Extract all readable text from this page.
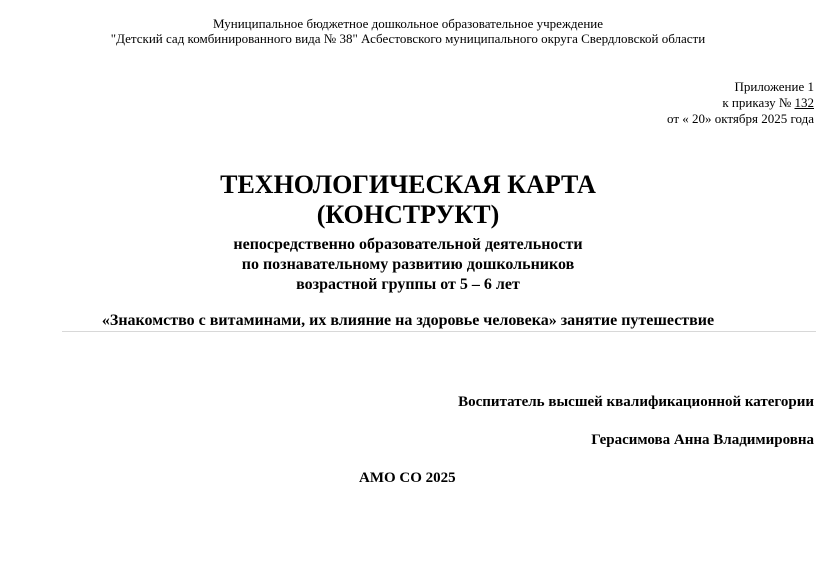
Муниципальное бюджетное дошкольное образовательное учреждение
"Детский сад комбинированного вида № 38" Асбестовского муниципального округа Свердловской области
Приложение 1
к приказу № 132
от « 20» октября 2025 года
ТЕХНОЛОГИЧЕСКАЯ КАРТА
(КОНСТРУКТ)
непосредственно образовательной деятельности
по познавательному развитию дошкольников
возрастной группы от 5 – 6 лет
«Знакомство с витаминами, их влияние на здоровье человека» занятие путешествие
Воспитатель высшей квалификационной категории
Герасимова Анна Владимировна
АМО СО 2025
